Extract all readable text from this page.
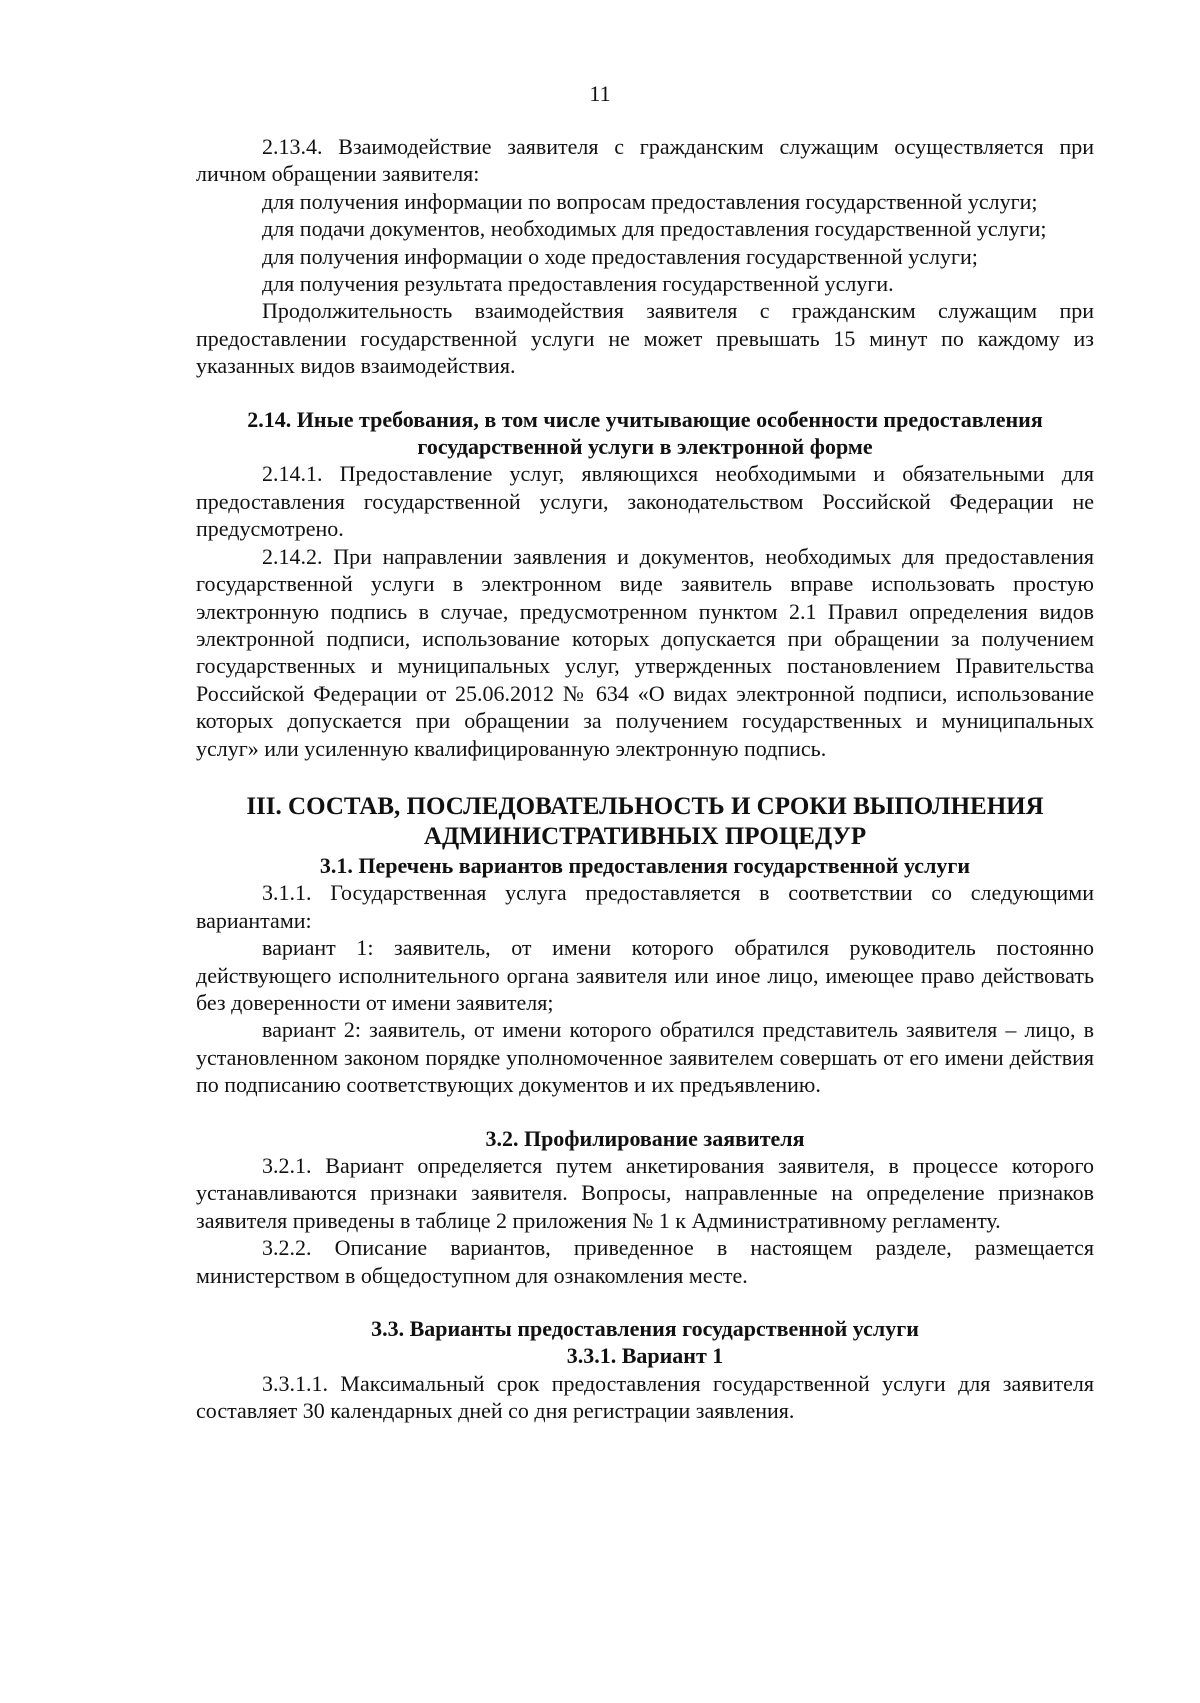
11

2.13.4. Взаимодействие заявителя с гражданским служащим осуществляется при личном обращении заявителя:

для получения информации по вопросам предоставления государственной услуги;

для подачи документов, необходимых для предоставления государственной услуги;

для получения информации о ходе предоставления государственной услуги;

для получения результата предоставления государственной услуги.

Продолжительность взаимодействия заявителя с гражданским служащим при предоставлении государственной услуги не может превышать 15 минут по каждому из указанных видов взаимодействия.

2.14. Иные требования, в том числе учитывающие особенности предоставления государственной услуги в электронной форме

2.14.1. Предоставление услуг, являющихся необходимыми и обязательными для предоставления государственной услуги, законодательством Российской Федерации не предусмотрено.

2.14.2. При направлении заявления и документов, необходимых для предоставления государственной услуги в электронном виде заявитель вправе использовать простую электронную подпись в случае, предусмотренном пунктом 2.1 Правил определения видов электронной подписи, использование которых допускается при обращении за получением государственных и муниципальных услуг, утвержденных постановлением Правительства Российской Федерации от 25.06.2012 № 634 «О видах электронной подписи, использование которых допускается при обращении за получением государственных и муниципальных услуг» или усиленную квалифицированную электронную подпись.

III. СОСТАВ, ПОСЛЕДОВАТЕЛЬНОСТЬ И СРОКИ ВЫПОЛНЕНИЯ АДМИНИСТРАТИВНЫХ ПРОЦЕДУР

3.1. Перечень вариантов предоставления государственной услуги

3.1.1. Государственная услуга предоставляется в соответствии со следующими вариантами:

вариант 1: заявитель, от имени которого обратился руководитель постоянно действующего исполнительного органа заявителя или иное лицо, имеющее право действовать без доверенности от имени заявителя;

вариант 2: заявитель, от имени которого обратился представитель заявителя – лицо, в установленном законом порядке уполномоченное заявителем совершать от его имени действия по подписанию соответствующих документов и их предъявлению.

3.2. Профилирование заявителя

3.2.1. Вариант определяется путем анкетирования заявителя, в процессе которого устанавливаются признаки заявителя. Вопросы, направленные на определение признаков заявителя приведены в таблице 2 приложения № 1 к Административному регламенту.

3.2.2. Описание вариантов, приведенное в настоящем разделе, размещается министерством в общедоступном для ознакомления месте.

3.3. Варианты предоставления государственной услуги

3.3.1. Вариант 1

3.3.1.1. Максимальный срок предоставления государственной услуги для заявителя составляет 30 календарных дней со дня регистрации заявления.
